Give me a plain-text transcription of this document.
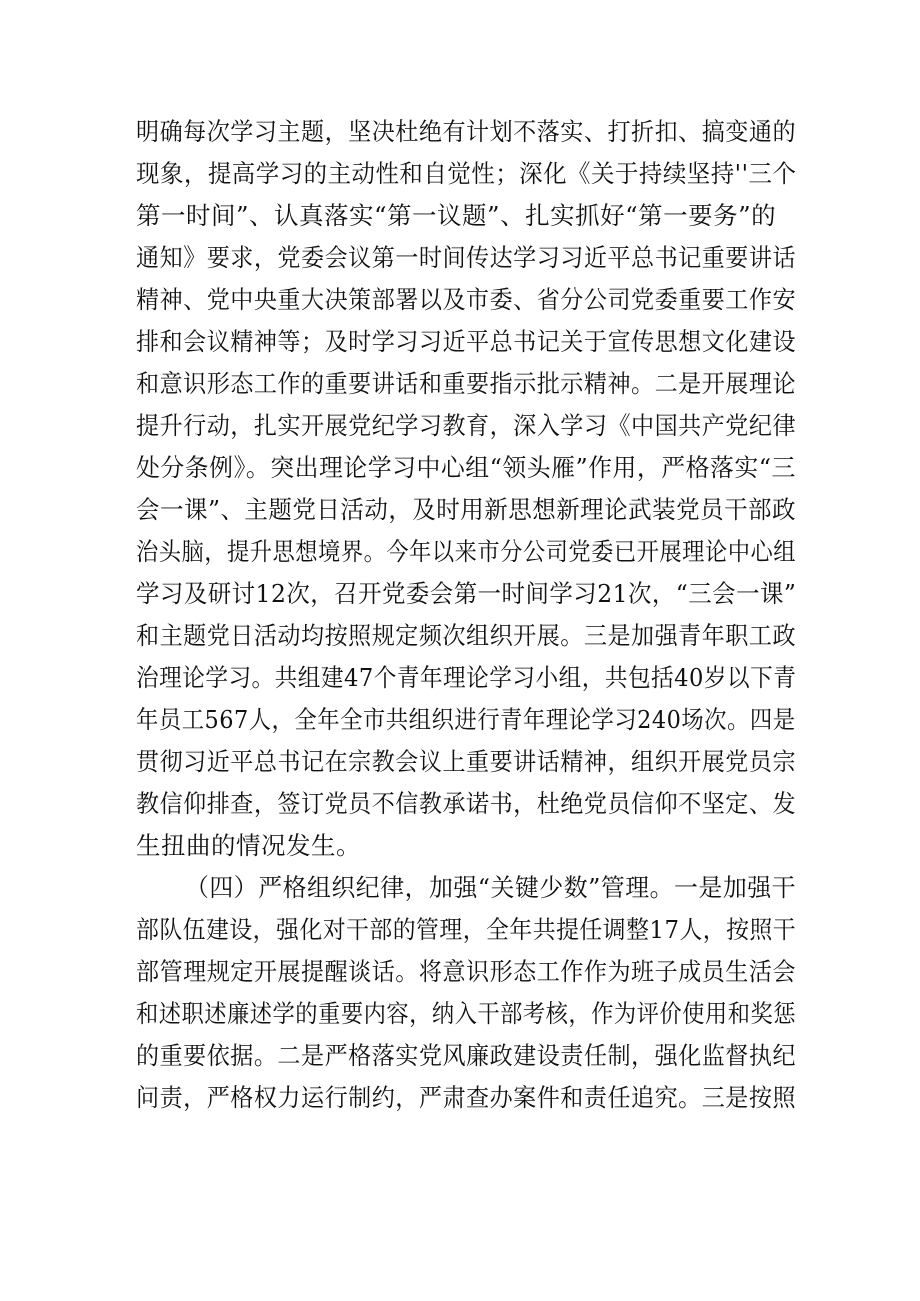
明确每次学习主题，坚决杜绝有计划不落实、打折扣、搞变通的
现象，提高学习的主动性和自觉性；深化《关于持续坚持''三个
第一时间”、认真落实“第一议题”、扎实抓好“第一要务”的
通知》要求，党委会议第一时间传达学习习近平总书记重要讲话
精神、党中央重大决策部署以及市委、省分公司党委重要工作安
排和会议精神等；及时学习习近平总书记关于宣传思想文化建设
和意识形态工作的重要讲话和重要指示批示精神。二是开展理论
提升行动，扎实开展党纪学习教育，深入学习《中国共产党纪律
处分条例》。突出理论学习中心组“领头雁”作用，严格落实“三
会一课”、主题党日活动，及时用新思想新理论武装党员干部政
治头脑，提升思想境界。今年以来市分公司党委已开展理论中心组
学习及研讨12次，召开党委会第一时间学习21次，“三会一课”
和主题党日活动均按照规定频次组织开展。三是加强青年职工政
治理论学习。共组建47个青年理论学习小组，共包括40岁以下青
年员工567人，全年全市共组织进行青年理论学习240场次。四是
贯彻习近平总书记在宗教会议上重要讲话精神，组织开展党员宗
教信仰排查，签订党员不信教承诺书，杜绝党员信仰不坚定、发
生扭曲的情况发生。
（四）严格组织纪律，加强“关键少数”管理。一是加强干
部队伍建设，强化对干部的管理，全年共提任调整17人，按照干
部管理规定开展提醒谈话。将意识形态工作作为班子成员生活会
和述职述廉述学的重要内容，纳入干部考核，作为评价使用和奖惩
的重要依据。二是严格落实党风廉政建设责任制，强化监督执纪
问责，严格权力运行制约，严肃查办案件和责任追究。三是按照
